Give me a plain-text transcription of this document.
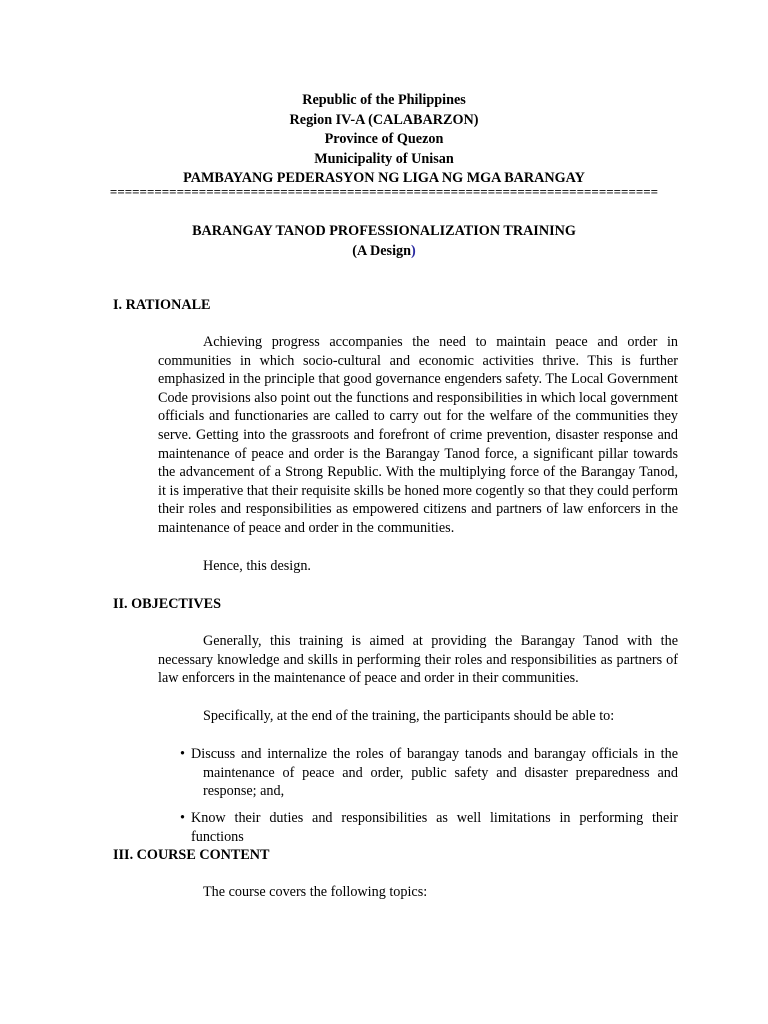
Republic of the Philippines
Region IV-A (CALABARZON)
Province of Quezon
Municipality of Unisan
PAMBAYANG PEDERASYON NG LIGA NG MGA BARANGAY
==========================================================================
BARANGAY TANOD PROFESSIONALIZATION TRAINING
(A Design)
I. RATIONALE
Achieving progress accompanies the need to maintain peace and order in communities in which socio-cultural and economic activities thrive. This is further emphasized in the principle that good governance engenders safety. The Local Government Code provisions also point out the functions and responsibilities in which local government officials and functionaries are called to carry out for the welfare of the communities they serve. Getting into the grassroots and forefront of crime prevention, disaster response and maintenance of peace and order is the Barangay Tanod force, a significant pillar towards the advancement of a Strong Republic. With the multiplying force of the Barangay Tanod, it is imperative that their requisite skills be honed more cogently so that they could perform their roles and responsibilities as empowered citizens and partners of law enforcers in the maintenance of peace and order in the communities.
Hence, this design.
II. OBJECTIVES
Generally, this training is aimed at providing the Barangay Tanod with the necessary knowledge and skills in performing their roles and responsibilities as partners of law enforcers in the maintenance of peace and order in their communities.
Specifically, at the end of the training, the participants should be able to:
• Discuss and internalize the roles of barangay tanods and barangay officials in the maintenance of peace and order, public safety and disaster preparedness and response; and,
• Know their duties and responsibilities as well limitations in performing their functions
III. COURSE CONTENT
The course covers the following topics:
